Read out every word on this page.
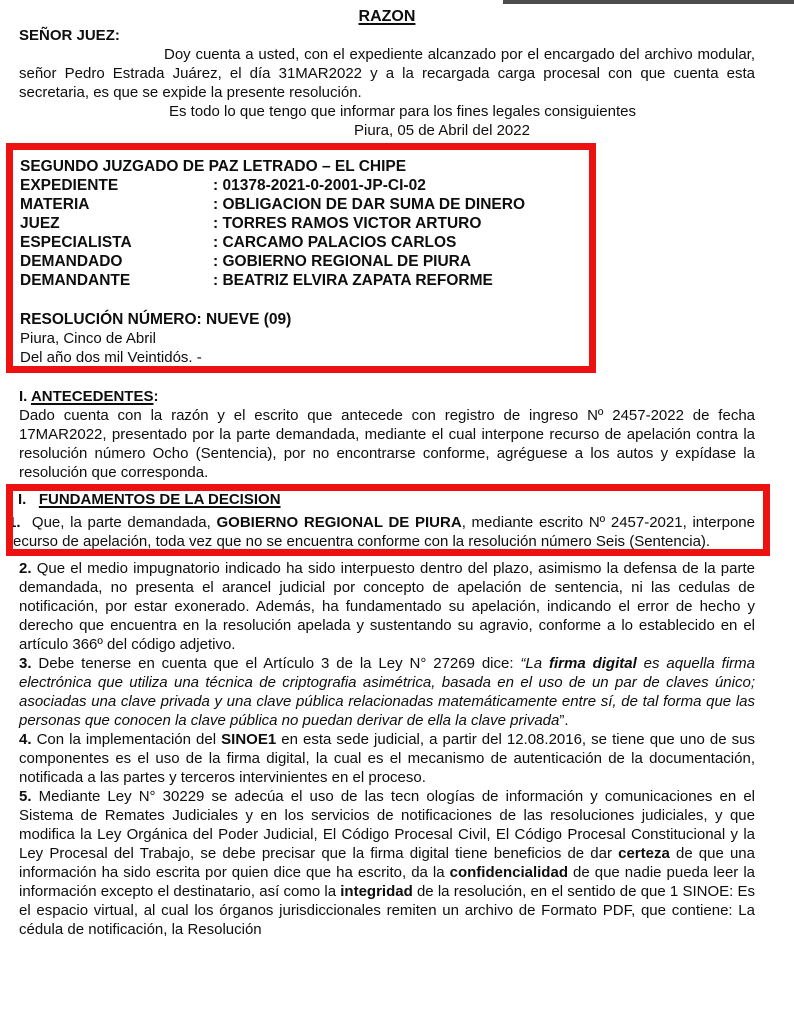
RAZON
SEÑOR JUEZ:
Doy cuenta a usted, con el expediente alcanzado por el encargado del archivo modular, señor Pedro Estrada Juárez, el día 31MAR2022 y a la recargada carga procesal con que cuenta esta secretaria, es que se expide la presente resolución.
Es todo lo que tengo que informar para los fines legales consiguientes
Piura, 05 de Abril del 2022
SEGUNDO JUZGADO DE PAZ LETRADO – EL CHIPE
EXPEDIENTE	: 01378-2021-0-2001-JP-CI-02
MATERIA	: OBLIGACION DE DAR SUMA DE DINERO
JUEZ	: TORRES RAMOS VICTOR ARTURO
ESPECIALISTA	: CARCAMO PALACIOS CARLOS
DEMANDADO	: GOBIERNO REGIONAL DE PIURA
DEMANDANTE	: BEATRIZ ELVIRA ZAPATA REFORME
RESOLUCIÓN NÚMERO: NUEVE (09)
Piura, Cinco de Abril
Del año dos mil Veintidós. -
I. ANTECEDENTES:
Dado cuenta con la razón y el escrito que antecede con registro de ingreso Nº 2457-2022 de fecha 17MAR2022, presentado por la parte demandada, mediante el cual interpone recurso de apelación contra la resolución número Ocho (Sentencia), por no encontrarse conforme, agréguese a los autos y expídase la resolución que corresponda.
I.   FUNDAMENTOS DE LA DECISION
1.  Que, la parte demandada, GOBIERNO REGIONAL DE PIURA, mediante escrito Nº 2457-2021, interpone recurso de apelación, toda vez que no se encuentra conforme con la resolución número Seis (Sentencia).
2. Que el medio impugnatorio indicado ha sido interpuesto dentro del plazo, asimismo la defensa de la parte demandada, no presenta el arancel judicial por concepto de apelación de sentencia, ni las cedulas de notificación, por estar exonerado. Además, ha fundamentado su apelación, indicando el error de hecho y derecho que encuentra en la resolución apelada y sustentando su agravio, conforme a lo establecido en el artículo 366º del código adjetivo.
3. Debe tenerse en cuenta que el Artículo 3 de la Ley N° 27269 dice: “La firma digital es aquella firma electrónica que utiliza una técnica de criptografia asimétrica, basada en el uso de un par de claves único; asociadas una clave privada y una clave pública relacionadas matemáticamente entre sí, de tal forma que las personas que conocen la clave pública no puedan derivar de ella la clave privada”.
4. Con la implementación del SINOE1 en esta sede judicial, a partir del 12.08.2016, se tiene que uno de sus componentes es el uso de la firma digital, la cual es el mecanismo de autenticación de la documentación, notificada a las partes y terceros intervinientes en el proceso.
5. Mediante Ley N° 30229 se adecúa el uso de las tecn ologías de información y comunicaciones en el Sistema de Remates Judiciales y en los servicios de notificaciones de las resoluciones judiciales, y que modifica la Ley Orgánica del Poder Judicial, El Código Procesal Civil, El Código Procesal Constitucional y la Ley Procesal del Trabajo, se debe precisar que la firma digital tiene beneficios de dar certeza de que una información ha sido escrita por quien dice que ha escrito, da la confidencialidad de que nadie pueda leer la información excepto el destinatario, así como la integridad de la resolución, en el sentido de que 1 SINOE: Es el espacio virtual, al cual los órganos jurisdiccionales remiten un archivo de Formato PDF, que contiene: La cédula de notificación, la Resolución
